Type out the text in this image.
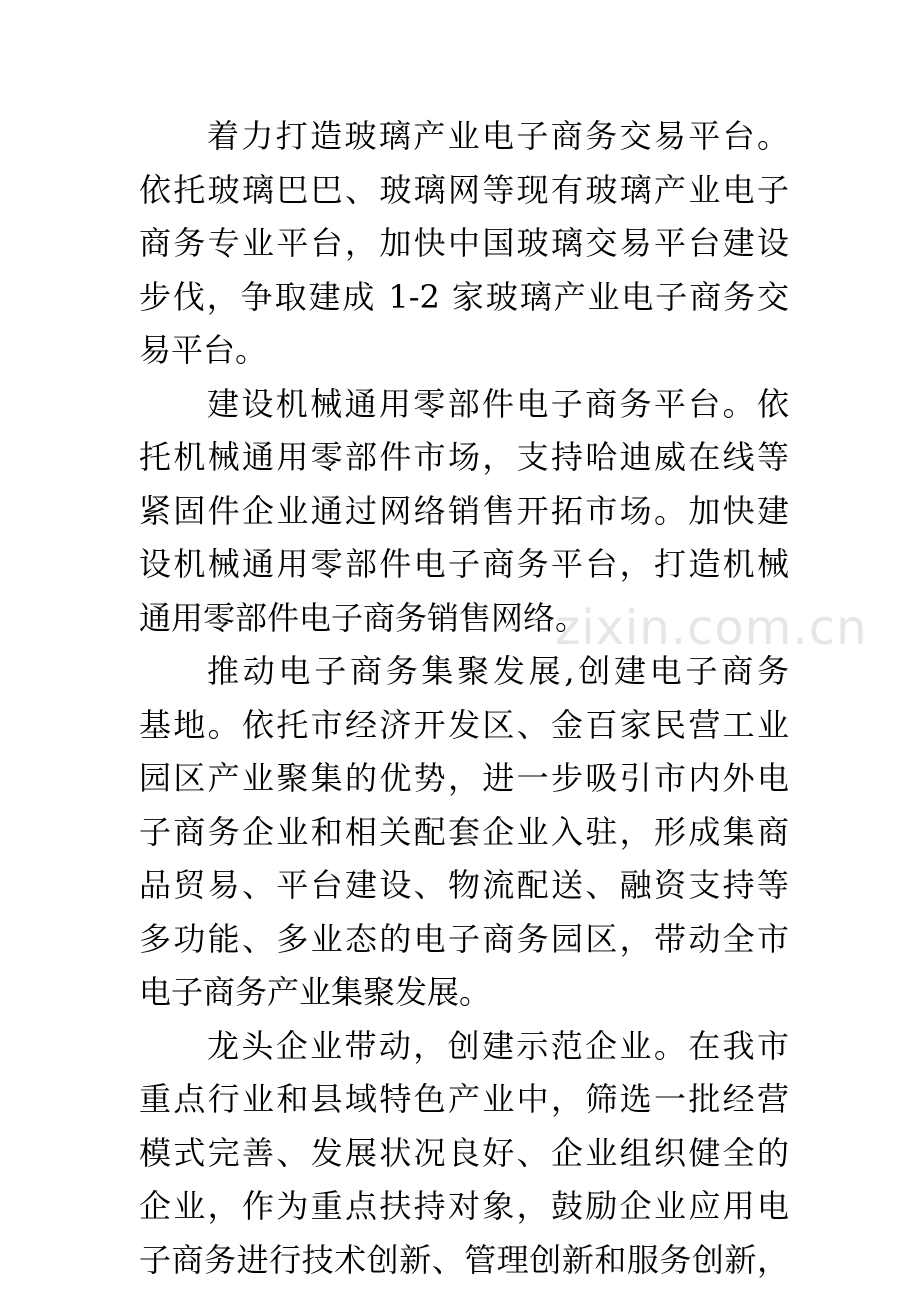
zixin.com.cn
着力打造玻璃产业电子商务交易平台。
依托玻璃巴巴、玻璃网等现有玻璃产业电子
商务专业平台，加快中国玻璃交易平台建设
步伐，争取建成 1-2 家玻璃产业电子商务交
易平台。
建设机械通用零部件电子商务平台。依
托机械通用零部件市场，支持哈迪威在线等
紧固件企业通过网络销售开拓市场。加快建
设机械通用零部件电子商务平台，打造机械
通用零部件电子商务销售网络。
推动电子商务集聚发展,创建电子商务
基地。依托市经济开发区、金百家民营工业
园区产业聚集的优势，进一步吸引市内外电
子商务企业和相关配套企业入驻，形成集商
品贸易、平台建设、物流配送、融资支持等
多功能、多业态的电子商务园区，带动全市
电子商务产业集聚发展。
龙头企业带动，创建示范企业。在我市
重点行业和县域特色产业中，筛选一批经营
模式完善、发展状况良好、企业组织健全的
企业，作为重点扶持对象，鼓励企业应用电
子商务进行技术创新、管理创新和服务创新，
